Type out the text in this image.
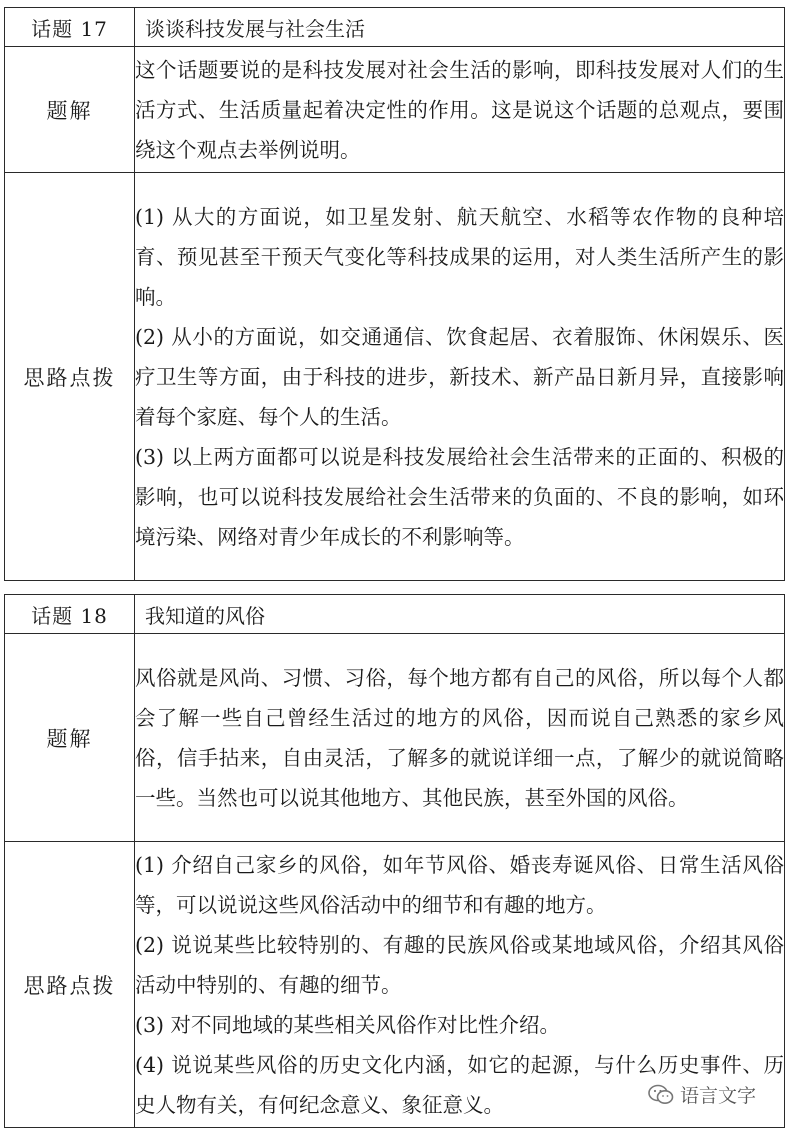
话题 17	谈谈科技发展与社会生活
题解	这个话题要说的是科技发展对社会生活的影响，即科技发展对人们的生活方式、生活质量起着决定性的作用。这是说这个话题的总观点，要围绕这个观点去举例说明。
思路点拨	(1) 从大的方面说，如卫星发射、航天航空、水稻等农作物的良种培育、预见甚至干预天气变化等科技成果的运用，对人类生活所产生的影响。

(2) 从小的方面说，如交通通信、饮食起居、衣着服饰、休闲娱乐、医疗卫生等方面，由于科技的进步，新技术、新产品日新月异，直接影响着每个家庭、每个人的生活。

(3) 以上两方面都可以说是科技发展给社会生活带来的正面的、积极的影响，也可以说科技发展给社会生活带来的负面的、不良的影响，如环境污染、网络对青少年成长的不利影响等。

话题 18	我知道的风俗
题解	风俗就是风尚、习惯、习俗，每个地方都有自己的风俗，所以每个人都会了解一些自己曾经生活过的地方的风俗，因而说自己熟悉的家乡风俗，信手拈来，自由灵活，了解多的就说详细一点，了解少的就说简略一些。当然也可以说其他地方、其他民族，甚至外国的风俗。
思路点拨	(1) 介绍自己家乡的风俗，如年节风俗、婚丧寿诞风俗、日常生活风俗等，可以说说这些风俗活动中的细节和有趣的地方。

(2) 说说某些比较特别的、有趣的民族风俗或某地域风俗，介绍其风俗活动中特别的、有趣的细节。

(3) 对不同地域的某些相关风俗作对比性介绍。

(4) 说说某些风俗的历史文化内涵，如它的起源，与什么历史事件、历史人物有关，有何纪念意义、象征意义。	语言文字
